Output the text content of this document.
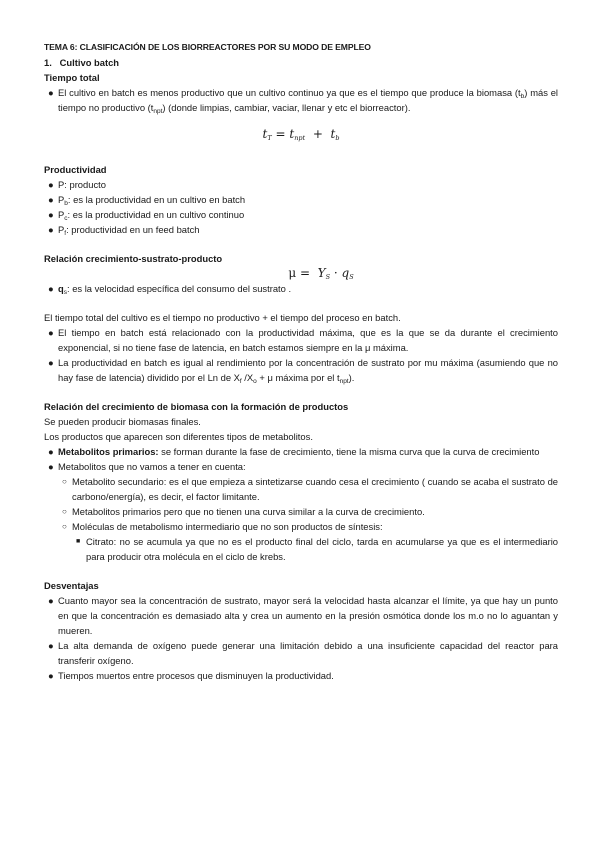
TEMA 6: CLASIFICACIÓN DE LOS BIORREACTORES POR SU MODO DE EMPLEO

1. Cultivo batch

Tiempo total

● El cultivo en batch es menos productivo que un cultivo continuo ya que es el tiempo que produce la biomasa $(t_b)$ más el tiempo no productivo $(t_{npt})$ (donde limpias, cambiar, vaciar, llenar y etc el biorreactor).

$t_T = t_{npt} + t_b$

Productividad

● P: producto
● $P_b$: es la productividad en un cultivo en batch
● $P_c$: es la productividad en un cultivo continuo
● $P_f$: productividad en un feed batch

Relación crecimiento-sustrato-producto

$\mu = Y_S \cdot q_S$

● $q_s$: es la velocidad específica del consumo del sustrato .

El tiempo total del cultivo es el tiempo no productivo + el tiempo del proceso en batch.

● El tiempo en batch está relacionado con la productividad máxima, que es la que se da durante el crecimiento exponencial, si no tiene fase de latencia, en batch estamos siempre en la μ máxima.
● La productividad en batch es igual al rendimiento por la concentración de sustrato por mu máxima (asumiendo que no hay fase de latencia) dividido por el Ln de $X_f$ $/X_o + \mu$ máxima por el $t_{npt}$).

Relación del crecimiento de biomasa con la formación de productos

Se pueden producir biomasas finales.

Los productos que aparecen son diferentes tipos de metabolitos.

● Metabolitos primarios: se forman durante la fase de crecimiento, tiene la misma curva que la curva de crecimiento
● Metabolitos que no vamos a tener en cuenta:
○ Metabolito secundario: es el que empieza a sintetizarse cuando cesa el crecimiento ( cuando se acaba el sustrato de carbono/energía), es decir, el factor limitante.
○ Metabolitos primarios pero que no tienen una curva similar a la curva de crecimiento.
○ Moléculas de metabolismo intermediario que no son productos de síntesis:
■ Citrato: no se acumula ya que no es el producto final del ciclo, tarda en acumularse ya que es el intermediario para producir otra molécula en el ciclo de krebs.

Desventajas

● Cuanto mayor sea la concentración de sustrato, mayor será la velocidad hasta alcanzar el límite, ya que hay un punto en que la concentración es demasiado alta y crea un aumento en la presión osmótica donde los m.o no lo aguantan y mueren.
● La alta demanda de oxígeno puede generar una limitación debido a una insuficiente capacidad del reactor para transferir oxígeno.
● Tiempos muertos entre procesos que disminuyen la productividad.
